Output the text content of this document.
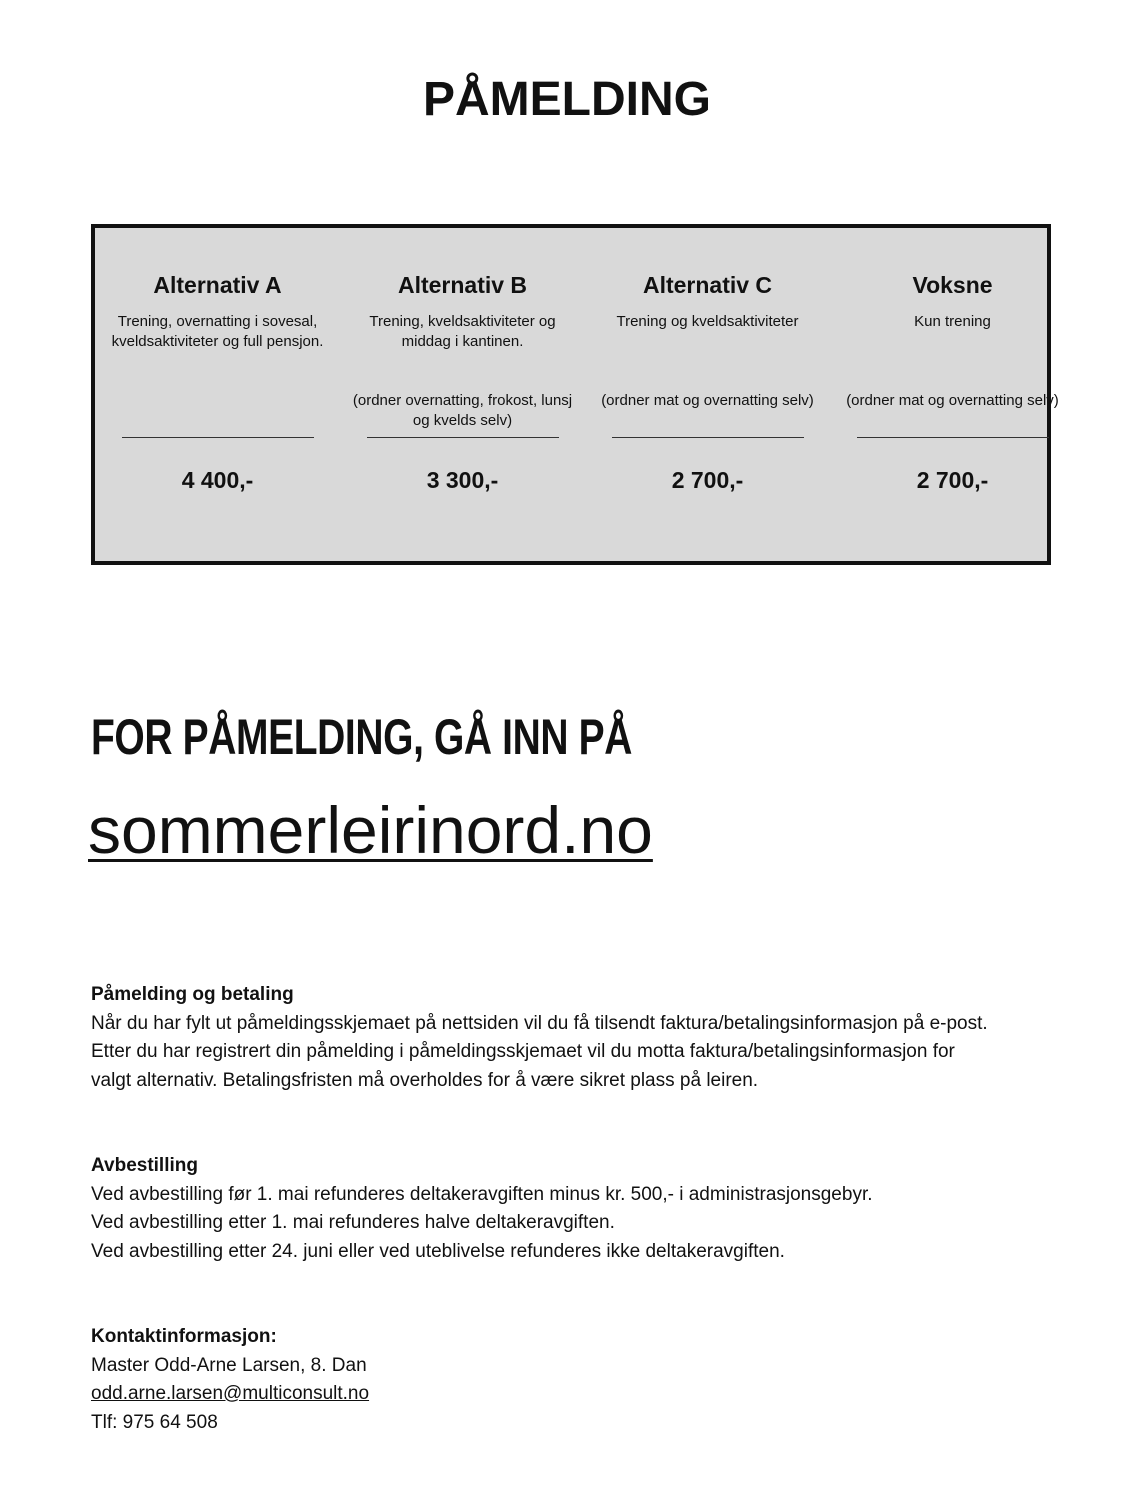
PÅMELDING

Alternativ A

Trening, overnatting i sovesal, kveldsaktiviteter og full pensjon.

4 400,-

Alternativ B

Trening, kveldsaktiviteter og middag i kantinen.

(ordner overnatting, frokost, lunsj og kvelds selv)

3 300,-

Alternativ C

Trening og kveldsaktiviteter

(ordner mat og overnatting selv)

2 700,-

Voksne

Kun trening

(ordner mat og overnatting selv)

2 700,-
FOR PÅMELDING, GÅ INN PÅ
sommerleirinord.no

Påmelding og betaling

Når du har fylt ut påmeldingsskjemaet på nettsiden vil du få tilsendt faktura/betalingsinformasjon på e-post.

Etter du har registrert din påmelding i påmeldingsskjemaet vil du motta faktura/betalingsinformasjon for

valgt alternativ. Betalingsfristen må overholdes for å være sikret plass på leiren.

Avbestilling

Ved avbestilling før 1. mai refunderes deltakeravgiften minus kr. 500,- i administrasjonsgebyr.

Ved avbestilling etter 1. mai refunderes halve deltakeravgiften.

Ved avbestilling etter 24. juni eller ved uteblivelse refunderes ikke deltakeravgiften.

Kontaktinformasjon:

Master Odd-Arne Larsen, 8. Dan

odd.arne.larsen@multiconsult.no

Tlf: 975 64 508
